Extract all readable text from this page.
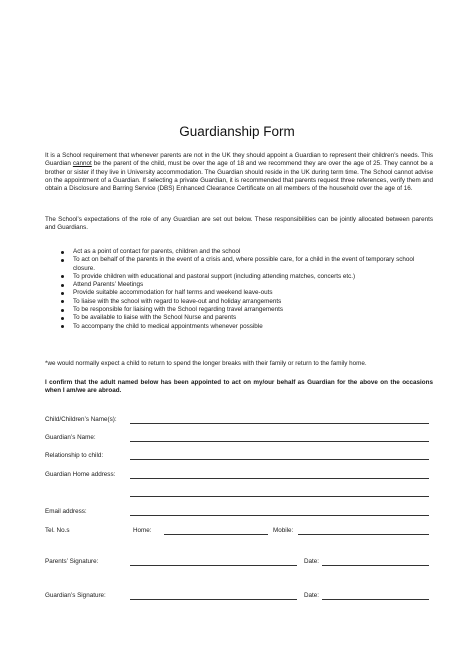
Guardianship Form
It is a School requirement that whenever parents are not in the UK they should appoint a Guardian to represent their children’s needs. This Guardian cannot be the parent of the child, must be over the age of 18 and we recommend they are over the age of 25. They cannot be a brother or sister if they live in University accommodation. The Guardian should reside in the UK during term time. The School cannot advise on the appointment of a Guardian. If selecting a private Guardian, it is recommended that parents request three references, verify them and obtain a Disclosure and Barring Service (DBS) Enhanced Clearance Certificate on all members of the household over the age of 16.
The School’s expectations of the role of any Guardian are set out below. These responsibilities can be jointly allocated between parents and Guardians.
Act as a point of contact for parents, children and the school
To act on behalf of the parents in the event of a crisis and, where possible care, for a child in the event of temporary school closure.
To provide children with educational and pastoral support (including attending matches, concerts etc.)
Attend Parents’ Meetings
Provide suitable accommodation for half terms and weekend leave-outs
To liaise with the school with regard to leave-out and holiday arrangements
To be responsible for liaising with the School regarding travel arrangements
To be available to liaise with the School Nurse and parents
To accompany the child to medical appointments whenever possible
*we would normally expect a child to return to spend the longer breaks with their family or return to the family home.
I confirm that the adult named below has been appointed to act on my/our behalf as Guardian for the above on the occasions when I am/we are abroad.
Child/Children’s Name(s):
Guardian’s Name:
Relationship to child:
Guardian Home address:
Email address:
Tel. No.s	Home:	Mobile:
Parents’ Signature:	Date:
Guardian’s Signature:	Date:
